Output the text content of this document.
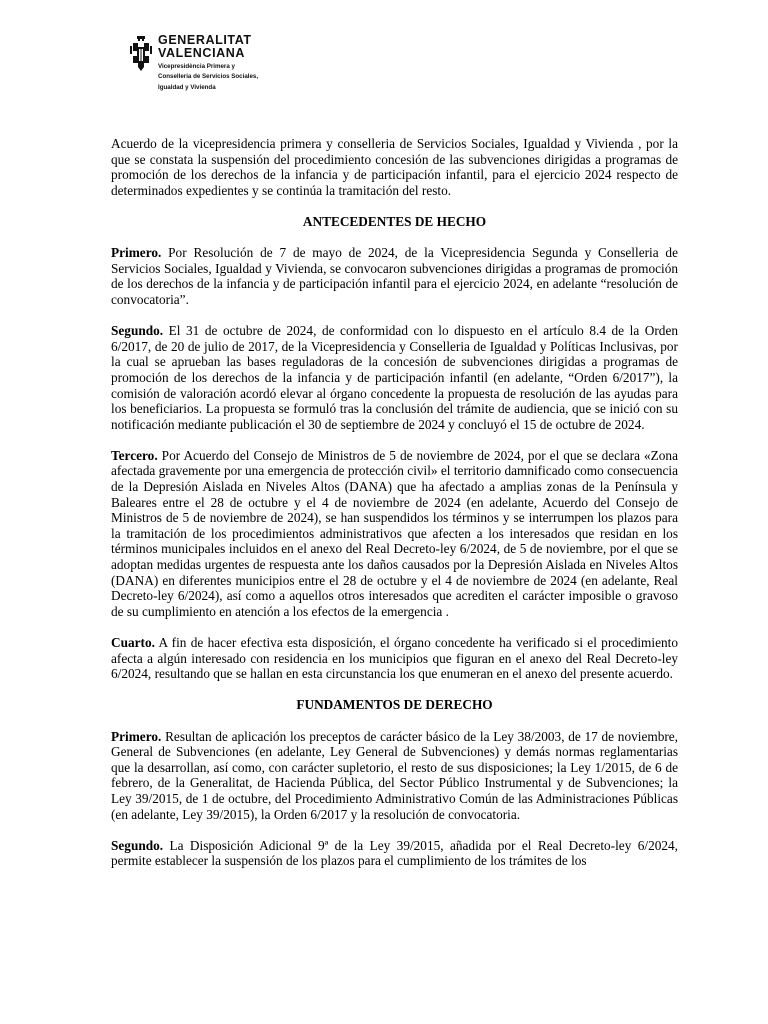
GENERALITAT
VALENCIANA
Vicepresidència Primera y
Conselleria de Servicios Sociales,
Igualdad y Vivienda

Acuerdo de la vicepresidencia primera y conselleria de Servicios Sociales, Igualdad y Vivienda , por la que se constata la suspensión del procedimiento concesión de las subvenciones dirigidas a programas de promoción de los derechos de la infancia y de participación infantil, para el ejercicio 2024 respecto de determinados expedientes y se continúa la tramitación del resto.

ANTECEDENTES DE HECHO

Primero. Por Resolución de 7 de mayo de 2024, de la Vicepresidencia Segunda y Conselleria de Servicios Sociales, Igualdad y Vivienda, se convocaron subvenciones dirigidas a programas de promoción de los derechos de la infancia y de participación infantil para el ejercicio 2024, en adelante “resolución de convocatoria”.

Segundo. El 31 de octubre de 2024, de conformidad con lo dispuesto en el artículo 8.4 de la Orden 6/2017, de 20 de julio de 2017, de la Vicepresidencia y Conselleria de Igualdad y Políticas Inclusivas, por la cual se aprueban las bases reguladoras de la concesión de subvenciones dirigidas a programas de promoción de los derechos de la infancia y de participación infantil (en adelante, “Orden 6/2017”), la comisión de valoración acordó elevar al órgano concedente la propuesta de resolución de las ayudas para los beneficiarios. La propuesta se formuló tras la conclusión del trámite de audiencia, que se inició con su notificación mediante publicación el 30 de septiembre de 2024 y concluyó el 15 de octubre de 2024.

Tercero. Por Acuerdo del Consejo de Ministros de 5 de noviembre de 2024, por el que se declara «Zona afectada gravemente por una emergencia de protección civil» el territorio damnificado como consecuencia de la Depresión Aislada en Niveles Altos (DANA) que ha afectado a amplias zonas de la Península y Baleares entre el 28 de octubre y el 4 de noviembre de 2024 (en adelante, Acuerdo del Consejo de Ministros de 5 de noviembre de 2024), se han suspendidos los términos y se interrumpen los plazos para la tramitación de los procedimientos administrativos que afecten a los interesados que residan en los términos municipales incluidos en el anexo del Real Decreto-ley 6/2024, de 5 de noviembre, por el que se adoptan medidas urgentes de respuesta ante los daños causados por la Depresión Aislada en Niveles Altos (DANA) en diferentes municipios entre el 28 de octubre y el 4 de noviembre de 2024 (en adelante, Real Decreto-ley 6/2024), así como a aquellos otros interesados que acrediten el carácter imposible o gravoso de su cumplimiento en atención a los efectos de la emergencia .

Cuarto. A fin de hacer efectiva esta disposición, el órgano concedente ha verificado si el procedimiento afecta a algún interesado con residencia en los municipios que figuran en el anexo del Real Decreto-ley 6/2024, resultando que se hallan en esta circunstancia los que enumeran en el anexo del presente acuerdo.

FUNDAMENTOS DE DERECHO

Primero. Resultan de aplicación los preceptos de carácter básico de la Ley 38/2003, de 17 de noviembre, General de Subvenciones (en adelante, Ley General de Subvenciones) y demás normas reglamentarias que la desarrollan, así como, con carácter supletorio, el resto de sus disposiciones; la Ley 1/2015, de 6 de febrero, de la Generalitat, de Hacienda Pública, del Sector Público Instrumental y de Subvenciones; la Ley 39/2015, de 1 de octubre, del Procedimiento Administrativo Común de las Administraciones Públicas (en adelante, Ley 39/2015), la Orden 6/2017 y la resolución de convocatoria.

Segundo. La Disposición Adicional 9ª de la Ley 39/2015, añadida por el Real Decreto-ley 6/2024, permite establecer la suspensión de los plazos para el cumplimiento de los trámites de los
